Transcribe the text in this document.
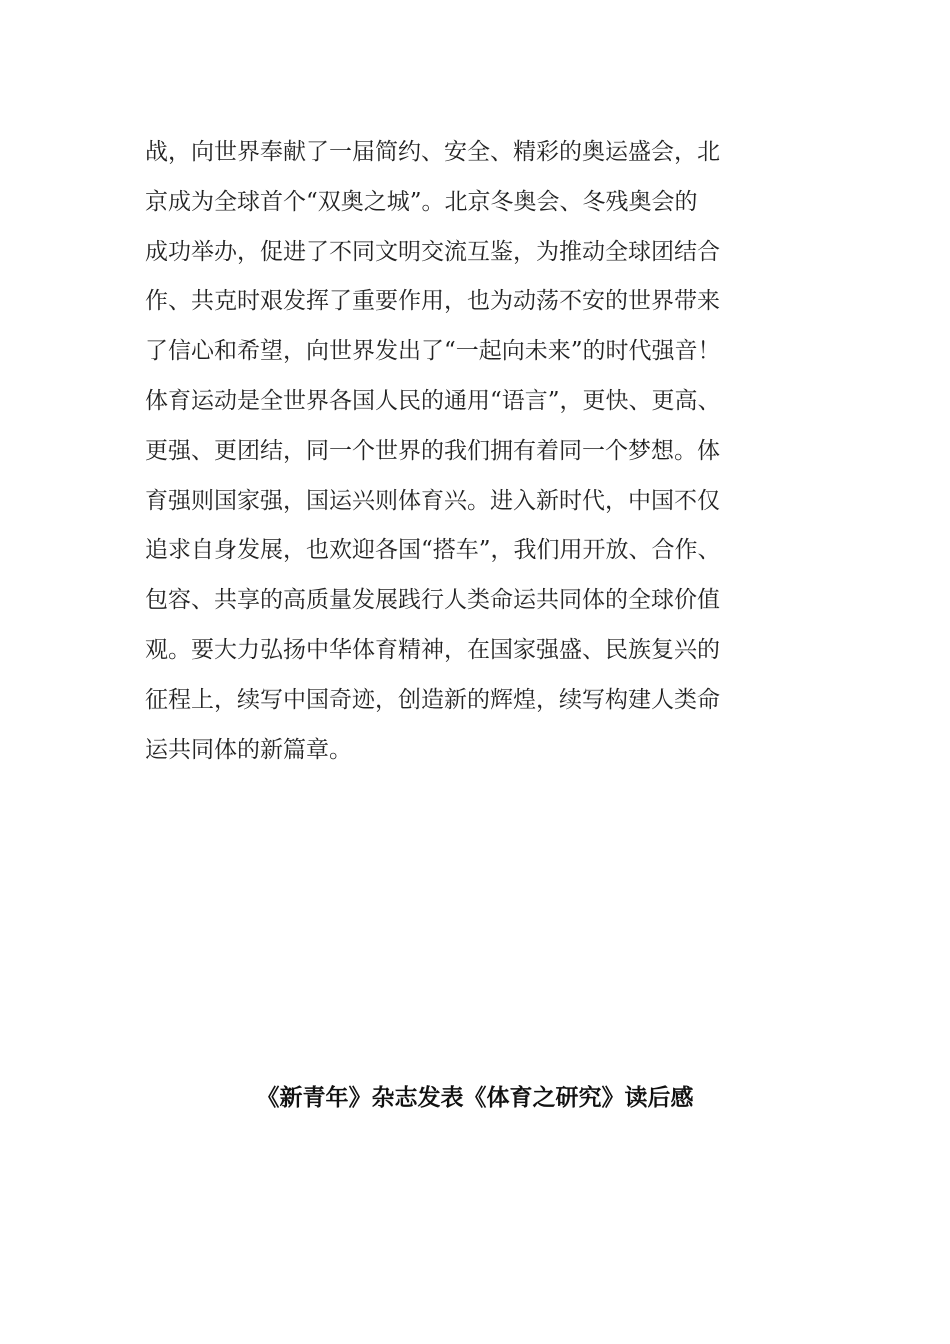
战，向世界奉献了一届简约、安全、精彩的奥运盛会，北
京成为全球首个“双奥之城”。北京冬奥会、冬残奥会的
成功举办，促进了不同文明交流互鉴，为推动全球团结合
作、共克时艰发挥了重要作用，也为动荡不安的世界带来
了信心和希望，向世界发出了“一起向未来”的时代强音！
体育运动是全世界各国人民的通用“语言”，更快、更高、
更强、更团结，同一个世界的我们拥有着同一个梦想。体
育强则国家强，国运兴则体育兴。进入新时代，中国不仅
追求自身发展，也欢迎各国“搭车”，我们用开放、合作、
包容、共享的高质量发展践行人类命运共同体的全球价值
观。要大力弘扬中华体育精神，在国家强盛、民族复兴的
征程上，续写中国奇迹，创造新的辉煌，续写构建人类命
运共同体的新篇章。

《新青年》杂志发表《体育之研究》读后感
